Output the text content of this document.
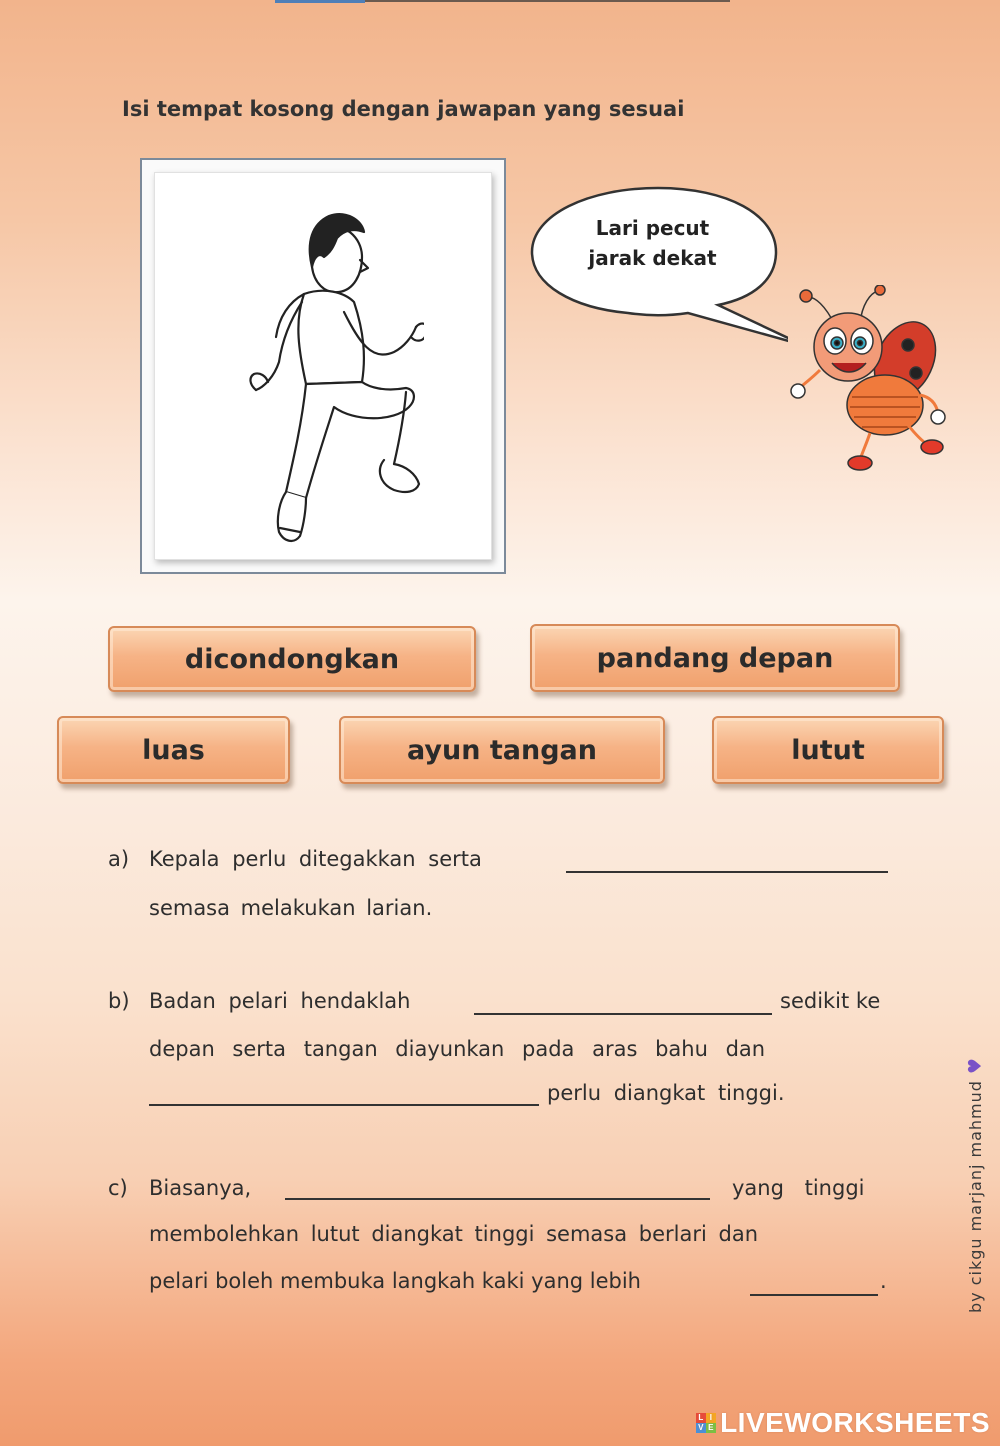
Isi tempat kosong dengan jawapan yang sesuai
Lari pecut
jarak dekat
dicondongkan	pandang depan
luas	ayun tangan	lutut
a) Kepala perlu ditegakkan serta
semasa melakukan larian.
b) Badan pelari hendaklah	sedikit ke
depan serta tangan diayunkan pada aras bahu dan
perlu diangkat tinggi.
c) Biasanya,	yang tinggi
membolehkan lutut diangkat tinggi semasa berlari dan
pelari boleh membuka langkah kaki yang lebih	.	by cikgu marjanj mahmud♥
L I
V E LIVEWORKSHEETS
